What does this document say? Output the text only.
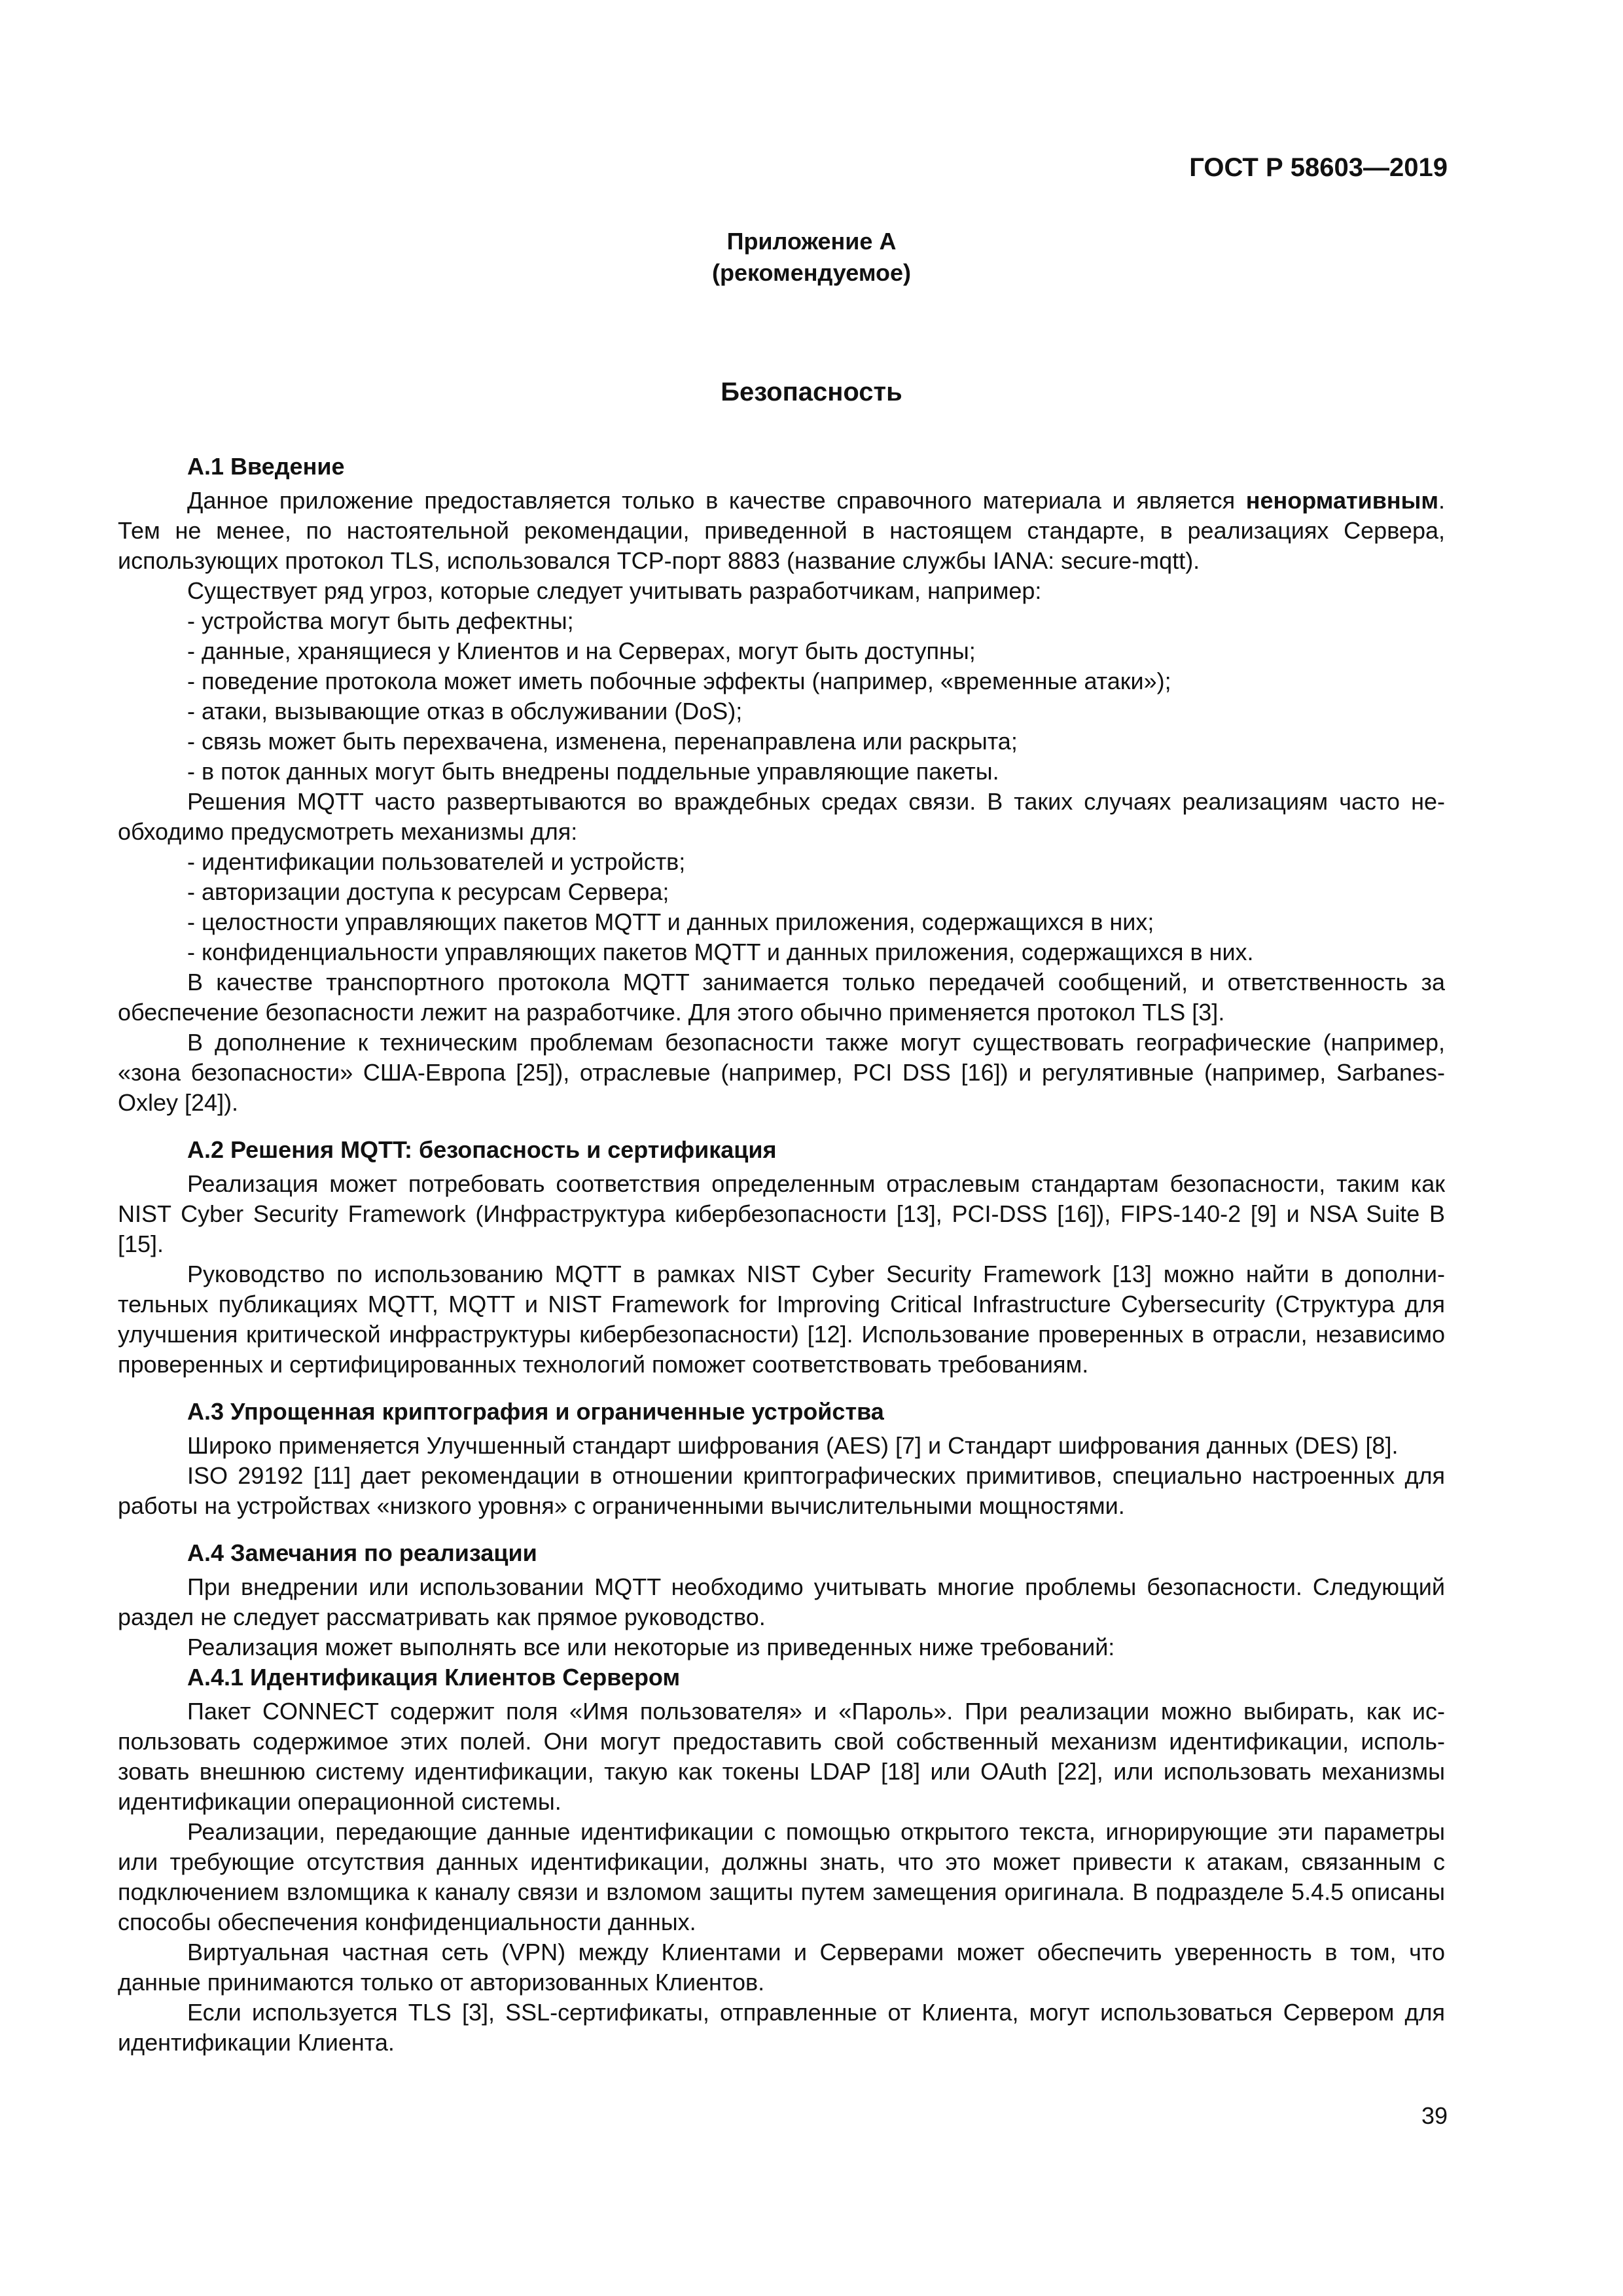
ГОСТ Р 58603—2019
Приложение А
(рекомендуемое)
Безопасность

А.1 Введение

Данное приложение предоставляется только в качестве справочного материала и является ненормативным. Тем не менее, по настоятельной рекомендации, приведенной в настоящем стандарте, в реализациях Сервера, использующих протокол TLS, использовался TCP-порт 8883 (название службы IANA: secure-mqtt).

Существует ряд угроз, которые следует учитывать разработчикам, например:

- устройства могут быть дефектны;

- данные, хранящиеся у Клиентов и на Серверах, могут быть доступны;

- поведение протокола может иметь побочные эффекты (например, «временные атаки»);

- атаки, вызывающие отказ в обслуживании (DoS);

- связь может быть перехвачена, изменена, перенаправлена или раскрыта;

- в поток данных могут быть внедрены поддельные управляющие пакеты.

Решения MQTT часто развертываются во враждебных средах связи. В таких случаях реализациям часто необходимо предусмотреть механизмы для:

- идентификации пользователей и устройств;

- авторизации доступа к ресурсам Сервера;

- целостности управляющих пакетов MQTT и данных приложения, содержащихся в них;

- конфиденциальности управляющих пакетов MQTT и данных приложения, содержащихся в них.

В качестве транспортного протокола MQTT занимается только передачей сообщений, и ответственность за обеспечение безопасности лежит на разработчике. Для этого обычно применяется протокол TLS [3].

В дополнение к техническим проблемам безопасности также могут существовать географические (например, «зона безопасности» США-Европа [25]), отраслевые (например, PCI DSS [16]) и регулятивные (например, Sarbanes-Oxley [24]).

А.2 Решения MQTT: безопасность и сертификация

Реализация может потребовать соответствия определенным отраслевым стандартам безопасности, таким как NIST Cyber Security Framework (Инфраструктура кибербезопасности [13], PCI-DSS [16]), FIPS-140-2 [9] и NSA Suite B [15].

Руководство по использованию MQTT в рамках NIST Cyber Security Framework [13] можно найти в дополнительных публикациях MQTT, MQTT и NIST Framework for Improving Critical Infrastructure Cybersecurity (Структура для улучшения критической инфраструктуры кибербезопасности) [12]. Использование проверенных в отрасли, независимо проверенных и сертифицированных технологий поможет соответствовать требованиям.

А.3 Упрощенная криптография и ограниченные устройства

Широко применяется Улучшенный стандарт шифрования (AES) [7] и Стандарт шифрования данных (DES) [8].

ISO 29192 [11] дает рекомендации в отношении криптографических примитивов, специально настроенных для работы на устройствах «низкого уровня» с ограниченными вычислительными мощностями.

А.4 Замечания по реализации

При внедрении или использовании MQTT необходимо учитывать многие проблемы безопасности. Следующий раздел не следует рассматривать как прямое руководство.

Реализация может выполнять все или некоторые из приведенных ниже требований:

А.4.1 Идентификация Клиентов Сервером

Пакет CONNECT содержит поля «Имя пользователя» и «Пароль». При реализации можно выбирать, как использовать содержимое этих полей. Они могут предоставить свой собственный механизм идентификации, использовать внешнюю систему идентификации, такую как токены LDAP [18] или OAuth [22], или использовать механизмы идентификации операционной системы.

Реализации, передающие данные идентификации с помощью открытого текста, игнорирующие эти параметры или требующие отсутствия данных идентификации, должны знать, что это может привести к атакам, связанным с подключением взломщика к каналу связи и взломом защиты путем замещения оригинала. В подразделе 5.4.5 описаны способы обеспечения конфиденциальности данных.

Виртуальная частная сеть (VPN) между Клиентами и Серверами может обеспечить уверенность в том, что данные принимаются только от авторизованных Клиентов.

Если используется TLS [3], SSL-сертификаты, отправленные от Клиента, могут использоваться Сервером для идентификации Клиента.

39
